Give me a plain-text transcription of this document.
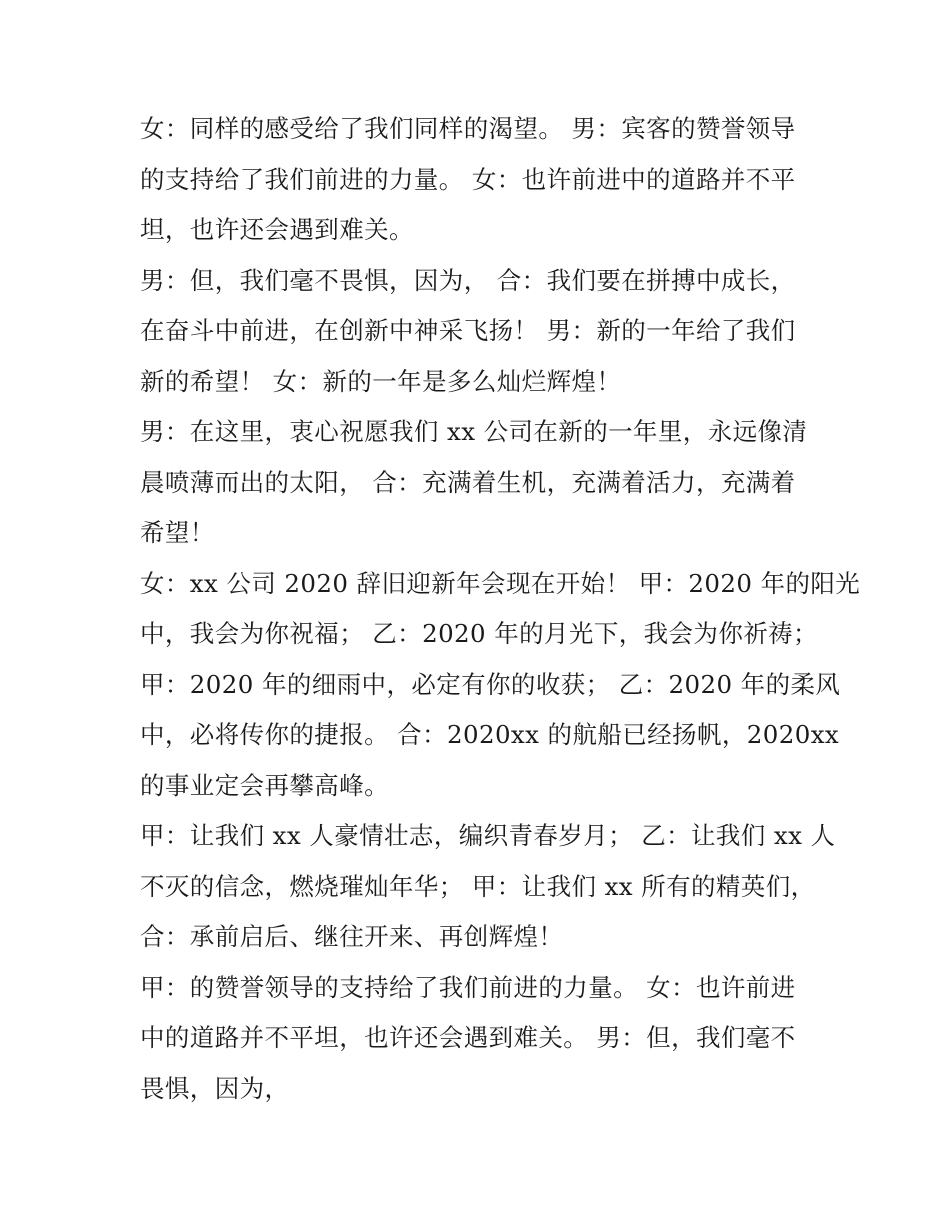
女：同样的感受给了我们同样的渴望。 男：宾客的赞誉领导
的支持给了我们前进的力量。 女：也许前进中的道路并不平
坦，也许还会遇到难关。

男：但，我们毫不畏惧，因为， 合：我们要在拼搏中成长，
在奋斗中前进，在创新中神采飞扬！ 男：新的一年给了我们
新的希望！ 女：新的一年是多么灿烂辉煌！

男：在这里，衷心祝愿我们 xx 公司在新的一年里，永远像清
晨喷薄而出的太阳， 合：充满着生机，充满着活力，充满着
希望！

女：xx 公司 2020 辞旧迎新年会现在开始！ 甲：2020 年的阳光
中，我会为你祝福； 乙：2020 年的月光下，我会为你祈祷；
甲：2020 年的细雨中，必定有你的收获； 乙：2020 年的柔风
中，必将传你的捷报。 合：2020xx 的航船已经扬帆，2020xx
的事业定会再攀高峰。

甲：让我们 xx 人豪情壮志，编织青春岁月； 乙：让我们 xx 人
不灭的信念，燃烧璀灿年华； 甲：让我们 xx 所有的精英们，
合：承前启后、继往开来、再创辉煌！

甲：的赞誉领导的支持给了我们前进的力量。 女：也许前进
中的道路并不平坦，也许还会遇到难关。 男：但，我们毫不
畏惧，因为，
